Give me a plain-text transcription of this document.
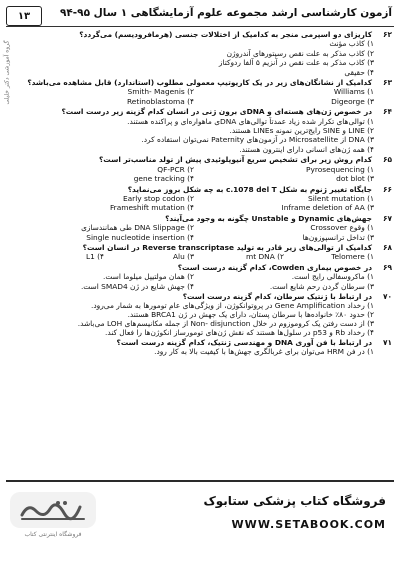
۱۳	آزمون کارشناسی ارشد مجموعه علوم آزمایشگاهی ۱ سال ۹۵-۹۴
گروه آموزشی دکتر خلیلی
۶۲
کاریزای دو اسپرمی منجر به کدامیک از اختلالات جنسی (هرمافرودیسم) می‌گردد؟
۱) کاذب مؤنث
۲) کاذب مذکر به علت نقص رسپتورهای آندروژن
۳) کاذب مذکر به علت نقص در آنزیم ۵ آلفا ردوکتاز
۴) حقیقی
۶۳
کدامیک از نشانگان‌های زیر در یک کاریوتیپ معمولی مطلوب (استاندارد) قابل مشاهده می‌باشد؟
۱) Williams
۲) Smith- Magenis
۳) Digeorge
۴) Retinoblastoma
۶۴
در خصوص ژن‌های هسته‌ای و DNAی برون ژنی در انسان کدام گزینه زیر درست است؟
۱) توالی‌های تکرار شده زیاد عمدتاً توالی‌های DNAی ماهواره‌ای و پراکنده هستند.
۲) LINE و SINE رایج‌ترین نمونه LINEs هستند.
۳) DNA از Microsatellite در آزمون‌های Paternity نمی‌توان استفاده کرد.
۴) همه ژن‌های انسانی دارای اینترون هستند.
۶۵
کدام روش زیر برای تشخیص سریع آنیوپلوئیدی پیش از تولد مناسب‌تر است؟
۱) Pyrosequencing
۲) QF-PCR
۳) dot blot
۴) gene tracking
۶۶
جایگاه تغییر ژنوم به شکل c.1078 del T به چه شکل بروز می‌نماید؟
۱) Silent mutation
۲) Early stop codon
۳) Inframe deletion of AA
۴) Frameshift mutation
۶۷
جهش‌های Dynamic و Unstable چگونه به وجود می‌آیند؟
۱) وقوع Crossover
۲) DNA Slippage طی همانندسازی
۳) تداخل ترانسپوزون‌ها
۴) Single nucleotide insertion
۶۸
کدامیک از توالی‌های زیر قادر به تولید Reverse transcriptase در انسان است؟
۱) Telomere
۲) mt DNA
۳) Alu
۴) L1
۶۹
در خصوص بیماری Cowden، کدام گزینه درست است؟
۱) ماکروسفالی رایج است.
۲) همان مولتیپل میلوما است.
۳) سرطان گردن رحم شایع است.
۴) جهش شایع در ژن SMAD4 است.
۷۰
در ارتباط با ژنتیک سرطان، کدام گزینه درست است؟
۱) رخداد Gene Amplification در پروتوانکوژن، از ویژگی‌های عام تومورها به شمار می‌رود.
۲) حدود ۸۰٪ خانواده‌ها با سرطان پستان، دارای یک جهش در ژن BRCA1 هستند.
۳) از دست رفتن یک کروموزوم در خلال Non- disjunction از جمله مکانیسم‌های LOH می‌باشد.
۴) رخداد Rb و p53 در سلول‌ها هستند که نقش ژن‌های تومورساز انکوژن‌ها را فعال کند.
۷۱
در ارتباط با فن آوری DNA و مهندسی ژنتیک، کدام گزینه درست است؟
۱) در فن HRM می‌توان برای غربالگری جهش‌ها با کیفیت بالا به کار رود.
فروشگاه اینترنتی کتاب
فروشگاه کتاب پزشکی ستابوک
WWW.SETABOOK.COM
